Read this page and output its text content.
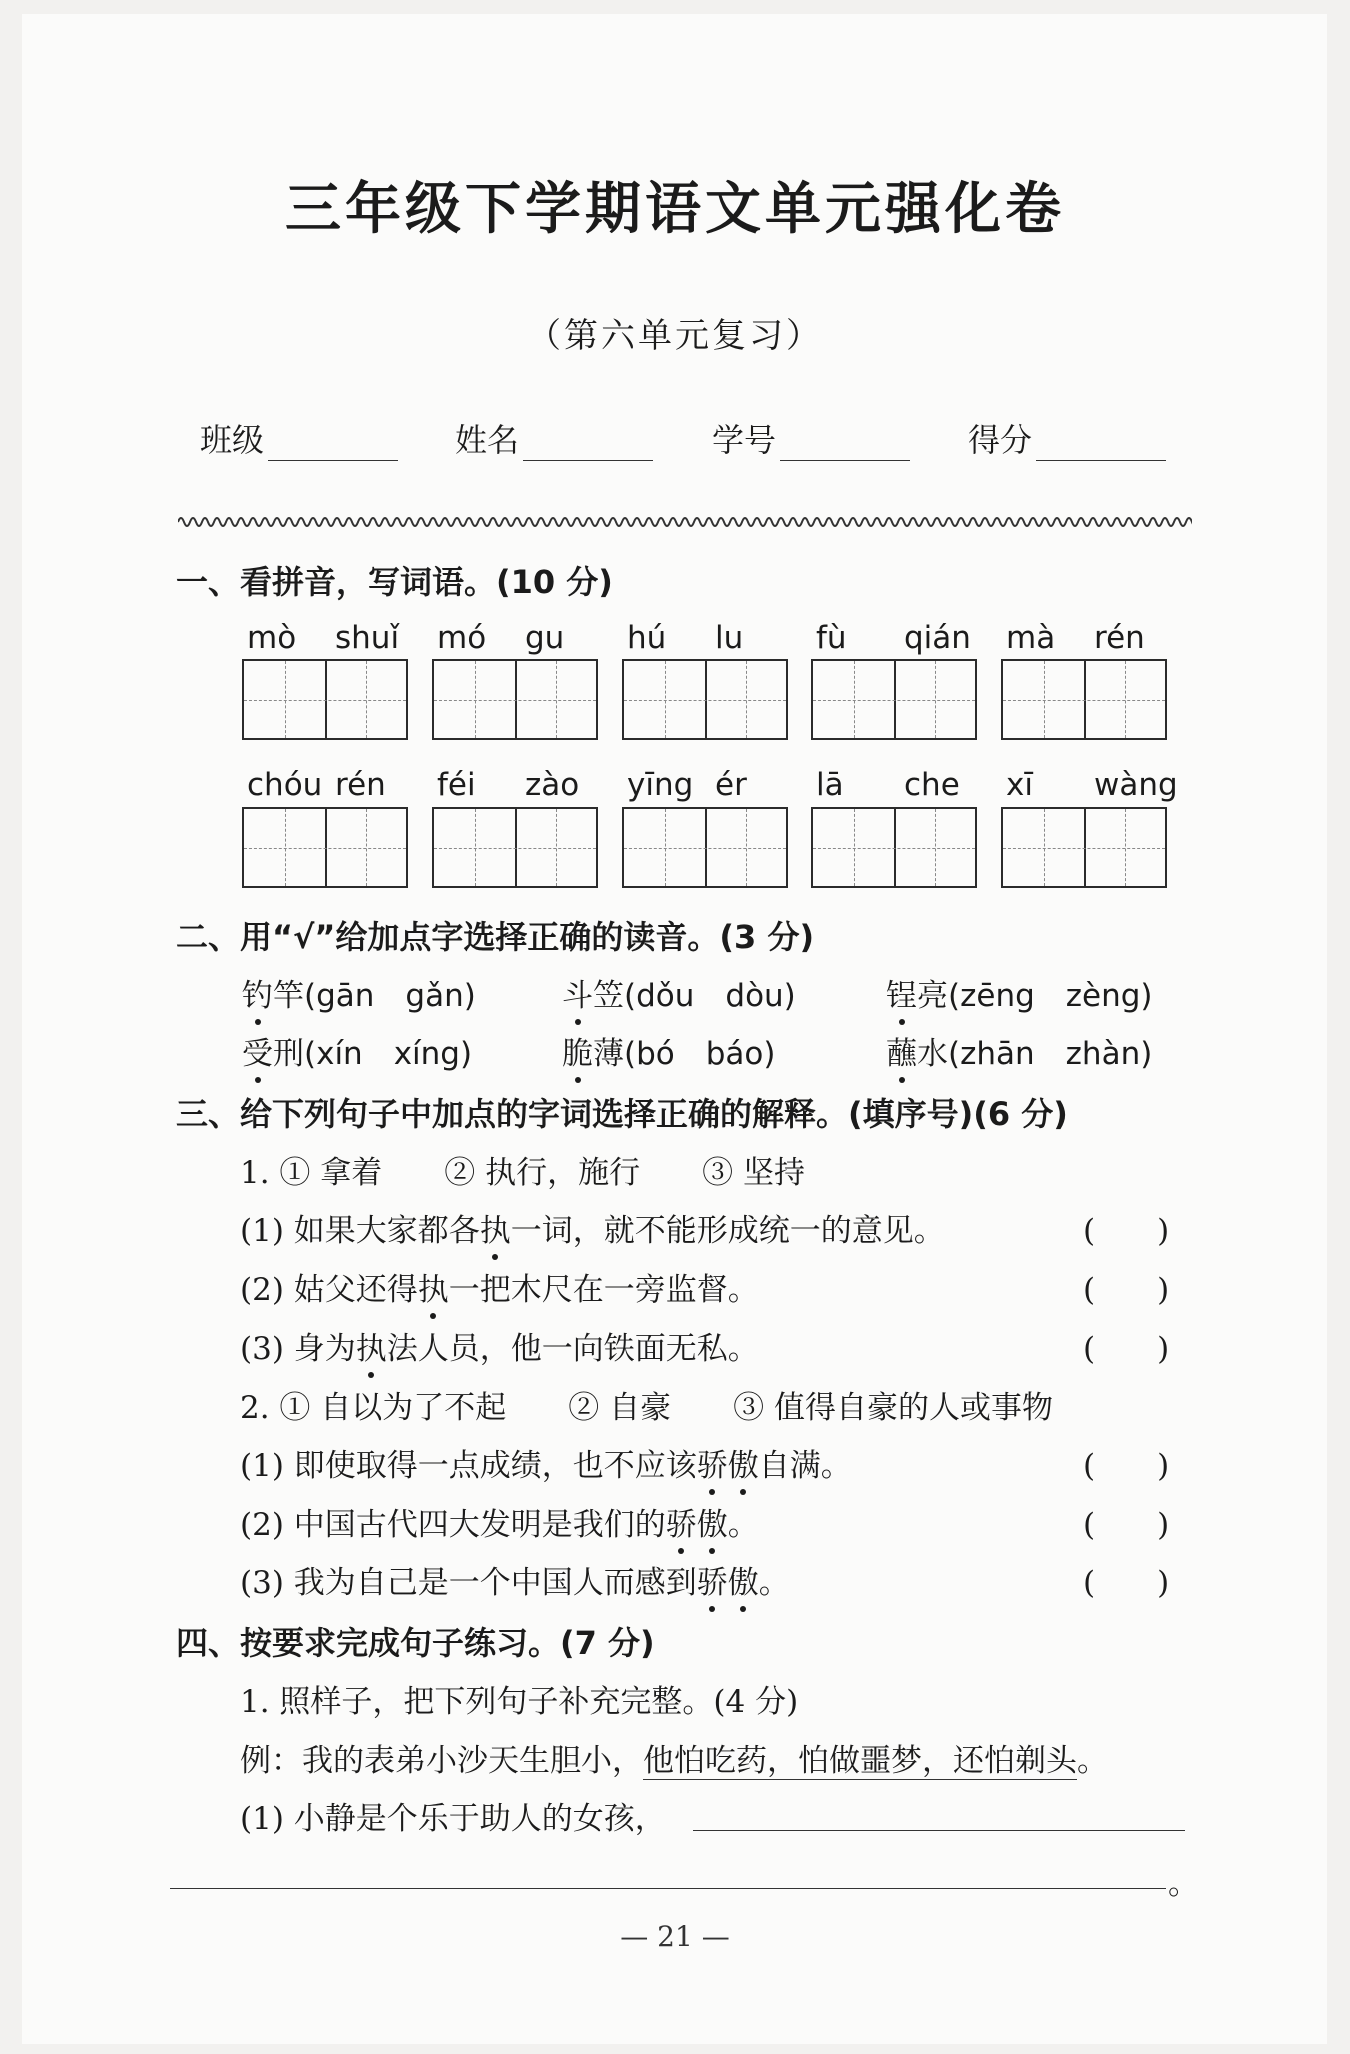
三年级下学期语文单元强化卷
（第六单元复习）
班级	姓名	学号	得分
一、看拼音，写词语。(10 分)
mò shuǐ mó gu hú lu fù qián mà rén
chóu rén féi zào yīng ér lā che xī wàng
二、用“√”给加点字选择正确的读音。(3 分)
钓竿(gān　gǎn)	斗笠(dǒu　dòu)	锃亮(zēng　zèng)
受刑(xín　xíng)	脆薄(bó　báo)	蘸水(zhān　zhàn)
三、给下列句子中加点的字词选择正确的解释。(填序号)(6 分)
1. ① 拿着　　② 执行，施行　　③ 坚持
(1) 如果大家都各执一词，就不能形成统一的意见。	(　　)
(2) 姑父还得执一把木尺在一旁监督。	(　　)
(3) 身为执法人员，他一向铁面无私。	(　　)
2. ① 自以为了不起　　② 自豪　　③ 值得自豪的人或事物
(1) 即使取得一点成绩，也不应该骄傲自满。	(　　)
(2) 中国古代四大发明是我们的骄傲。	(　　)
(3) 我为自己是一个中国人而感到骄傲。	(　　)
四、按要求完成句子练习。(7 分)
1. 照样子，把下列句子补充完整。(4 分)
例：我的表弟小沙天生胆小，他怕吃药，怕做噩梦，还怕剃头。
(1) 小静是个乐于助人的女孩，
。
— 21 —
